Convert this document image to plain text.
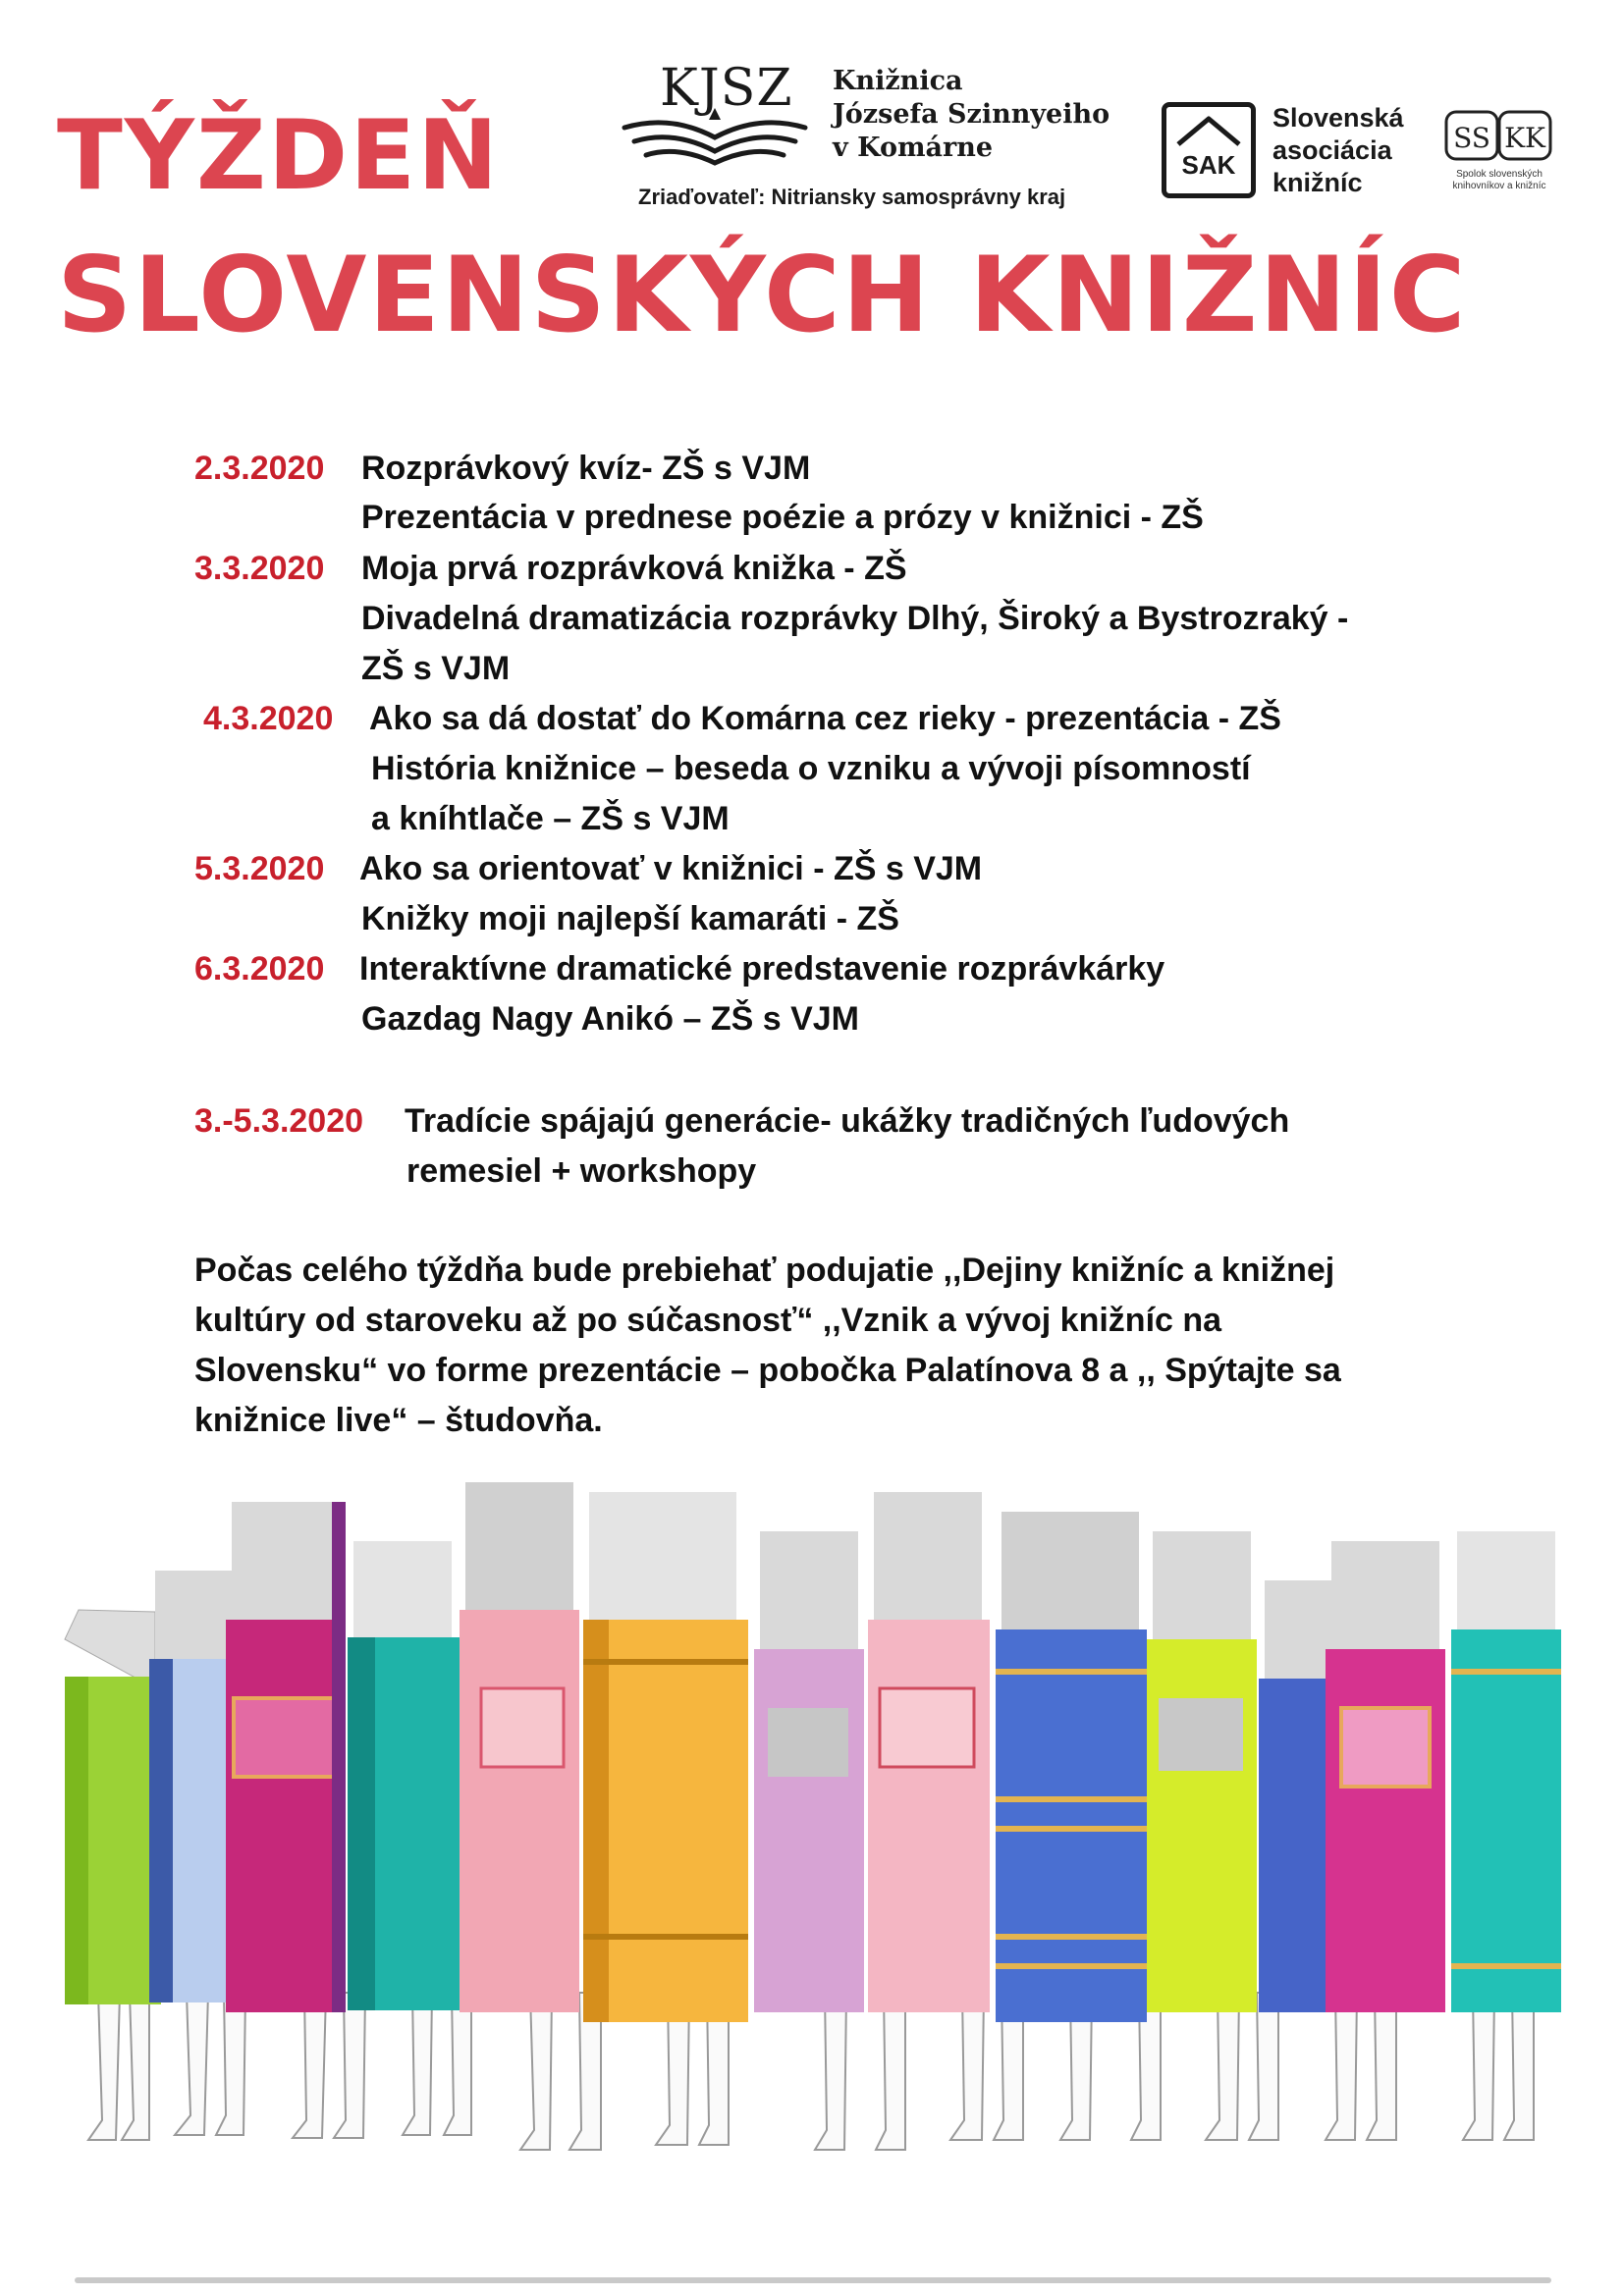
TÝŽDEŇ
SLOVENSKÝCH KNIŽNÍC
KJSZ Knižnica
Józsefa Szinnyeiho
v Komárne
Zriaďovateľ: Nitriansky samosprávny kraj
SAK
Slovenská
asociácia
knižníc
SS KK
Spolok slovenských
knihovníkov a knižníc
2.3.2020 Rozprávkový kvíz- ZŠ s VJM
Prezentácia v prednese poézie a prózy v knižnici - ZŠ
3.3.2020 Moja prvá rozprávková knižka - ZŠ
Divadelná dramatizácia rozprávky Dlhý, Široký a Bystrozraký -
ZŠ s VJM
4.3.2020 Ako sa dá dostať do Komárna cez rieky - prezentácia - ZŠ
História knižnice – beseda o vzniku a vývoji písomností
a kníhtlače – ZŠ s VJM
5.3.2020 Ako sa orientovať v knižnici - ZŠ s VJM
Knižky moji najlepší kamaráti - ZŠ
6.3.2020 Interaktívne dramatické predstavenie rozprávkárky
Gazdag Nagy Anikó – ZŠ s VJM
3.-5.3.2020 Tradície spájajú generácie- ukážky tradičných ľudových
remesiel + workshopy
Počas celého týždňa bude prebiehať podujatie ,,Dejiny knižníc a knižnej
kultúry od staroveku až po súčasnosť“ ,,Vznik a vývoj knižníc na
Slovensku“ vo forme prezentácie – pobočka Palatínova 8 a ,, Spýtajte sa
knižnice live“ – študovňa.
